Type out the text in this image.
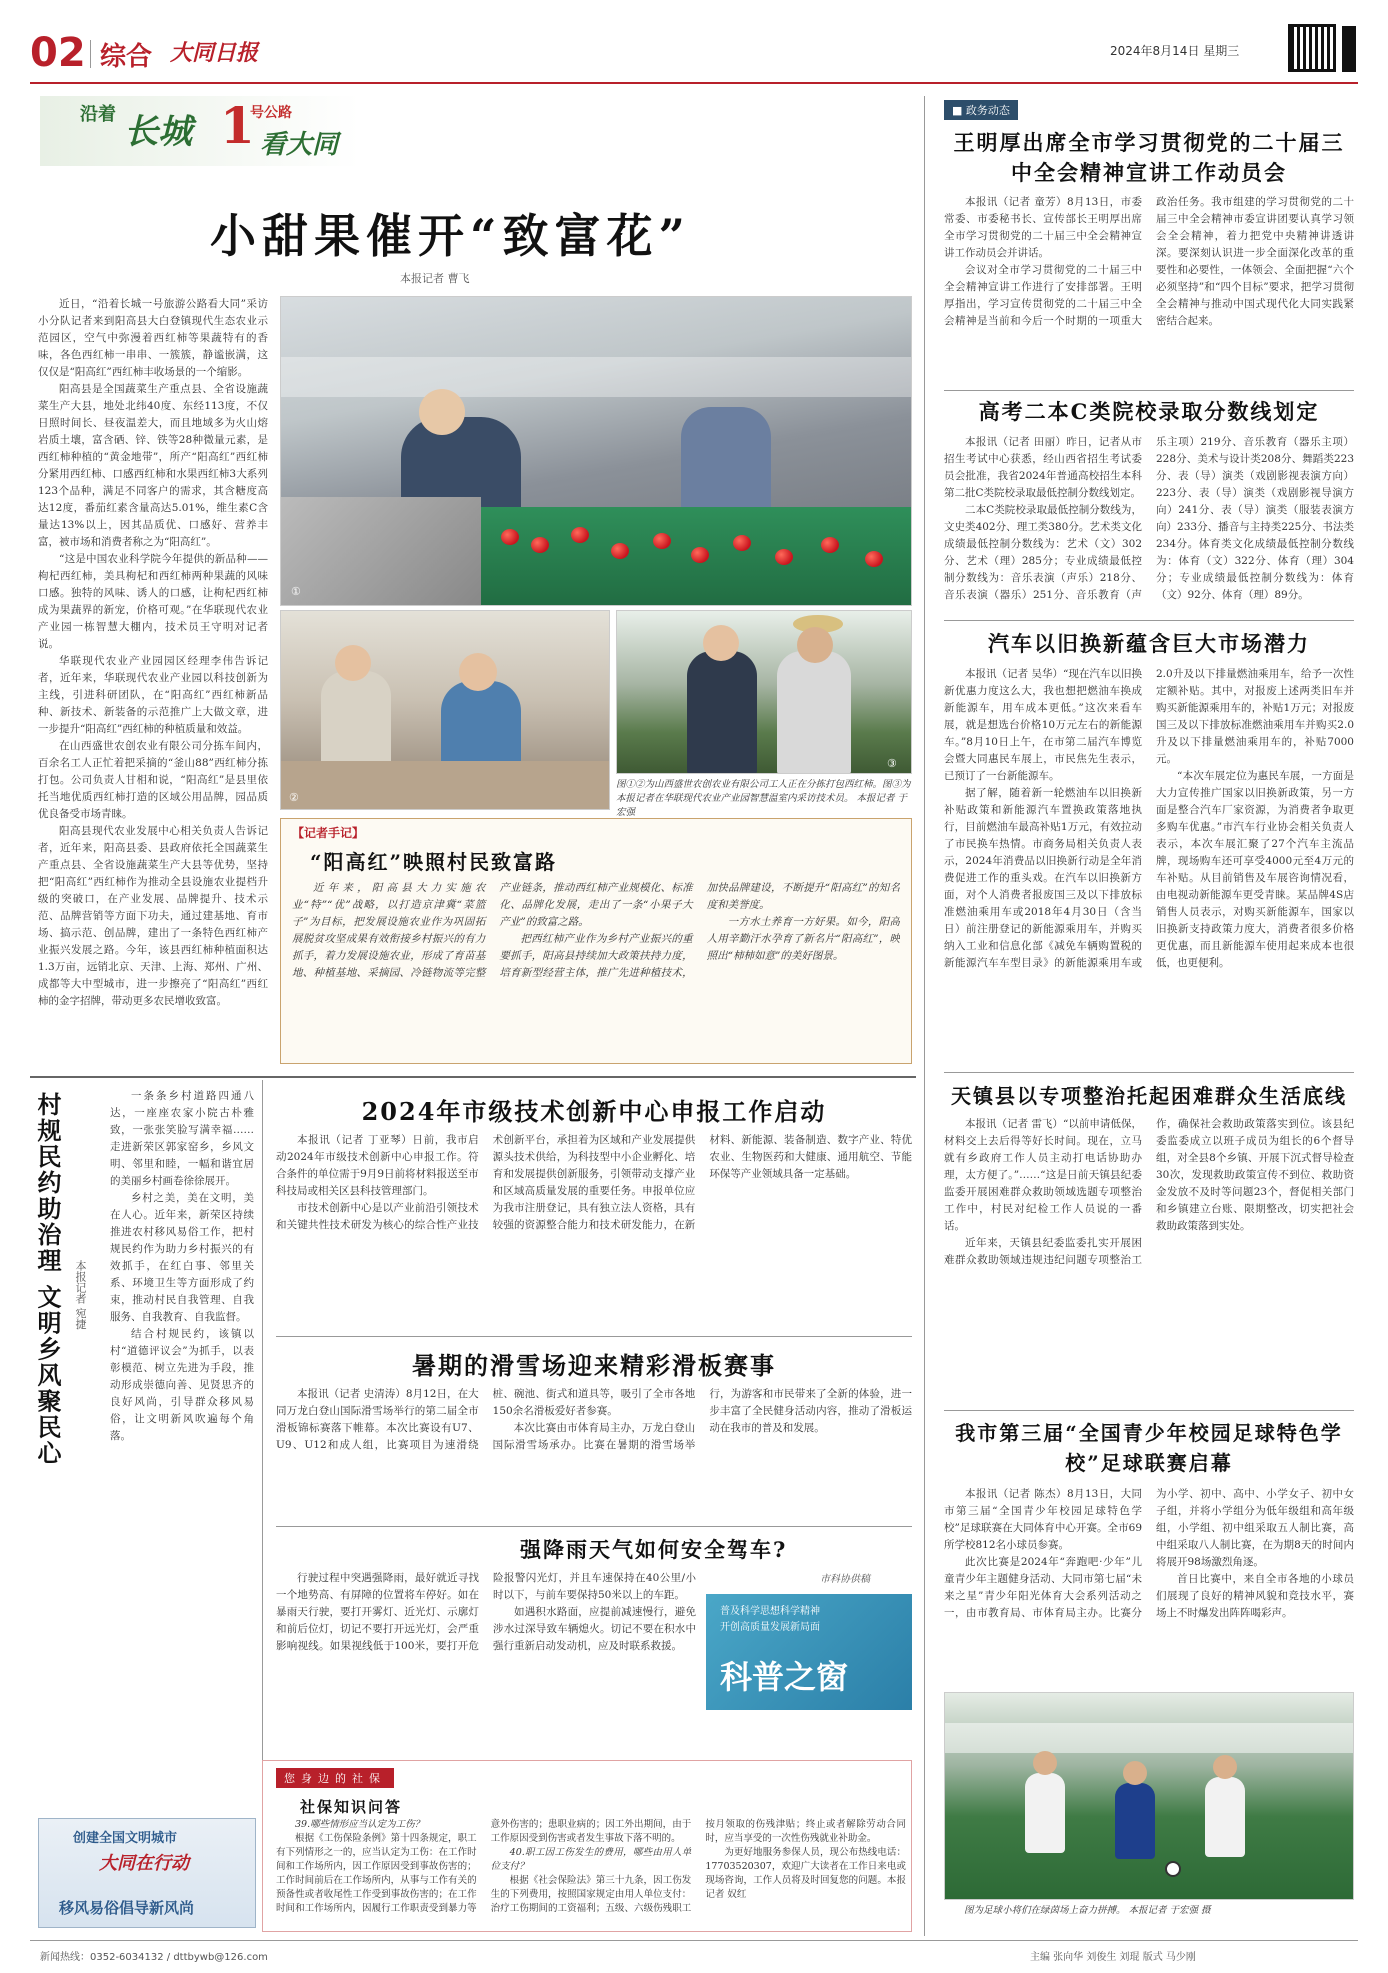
02 综合 大同日报	2024年8月14日 星期三
沿着 长城 1
号公路
看大同
小甜果催开“致富花”
本报记者 曹飞

近日，“沿着长城一号旅游公路看大同”采访小分队记者来到阳高县大白登镇现代生态农业示范园区，空气中弥漫着西红柿等果蔬特有的香味，各色西红柿一串串、一簇簇，静谧嵌满，这仅仅是“阳高红”西红柿丰收场景的一个缩影。

阳高县是全国蔬菜生产重点县、全省设施蔬菜生产大县，地处北纬40度、东经113度，不仅日照时间长、昼夜温差大，而且地域多为火山熔岩质土壤，富含硒、锌、铁等28种微量元素，是西红柿种植的“黄金地带”，所产“阳高红”西红柿分紧用西红柿、口感西红柿和水果西红柿3大系列123个品种，满足不同客户的需求，其含糖度高达12度，番茄红素含量高达5.01%，维生素C含量达13%以上，因其品质优、口感好、营养丰富，被市场和消费者称之为“阳高红”。

“这是中国农业科学院今年提供的新品种——枸杞西红柿，美具枸杞和西红柿两种果蔬的风味口感。独特的风味、诱人的口感，让枸杞西红柿成为果蔬界的新宠，价格可观。”在华联现代农业产业园一栋智慧大棚内，技术员王守明对记者说。

华联现代农业产业园园区经理李伟告诉记者，近年来，华联现代农业产业园以科技创新为主线，引进科研团队，在“阳高红”西红柿新品种、新技术、新装备的示范推广上大做文章，进一步提升“阳高红”西红柿的种植质量和效益。

在山西盛世农创农业有限公司分拣车间内，百余名工人正忙着把采摘的“釜山88”西红柿分拣打包。公司负责人甘相和说，“阳高红”是县里依托当地优质西红柿打造的区域公用品牌，园品质优良备受市场青睐。

阳高县现代农业发展中心相关负责人告诉记者，近年来，阳高县委、县政府依托全国蔬菜生产重点县、全省设施蔬菜生产大县等优势，坚持把“阳高红”西红柿作为推动全县设施农业提档升级的突破口，在产业发展、品牌提升、技术示范、品牌营销等方面下功夫，通过建基地、育市场、搞示范、创品牌，建出了一条特色西红柿产业振兴发展之路。今年，该县西红柿种植面积达1.3万亩，远销北京、天津、上海、郑州、广州、成都等大中型城市，进一步擦亮了“阳高红”西红柿的金字招牌，带动更多农民增收致富。

①
②
③
图①②为山西盛世农创农业有限公司工人正在分拣打包西红柿。图③为本报记者在华联现代农业产业园智慧温室内采访技术员。 本报记者 于宏强
【记者手记】
“阳高红”映照村民致富路

近年来，阳高县大力实施农业“特”“优”战略，以打造京津冀“菜篮子”为目标，把发展设施农业作为巩固拓展脱贫攻坚成果有效衔接乡村振兴的有力抓手，着力发展设施农业，形成了育苗基地、种植基地、采摘园、冷链物流等完整产业链条，推动西红柿产业规模化、标准化、品牌化发展，走出了一条“小果子大产业”的致富之路。

把西红柿产业作为乡村产业振兴的重要抓手，阳高县持续加大政策扶持力度，培育新型经营主体，推广先进种植技术，加快品牌建设，不断提升“阳高红”的知名度和美誉度。

一方水土养育一方好果。如今，阳高人用辛勤汗水孕育了新名片“阳高红”，映照出“柿柿如意”的美好图景。

■ 政务动态
王明厚出席全市学习贯彻党的二十届三中全会精神宣讲工作动员会

本报讯（记者 童芳）8月13日，市委常委、市委秘书长、宣传部长王明厚出席全市学习贯彻党的二十届三中全会精神宣讲工作动员会并讲话。

会议对全市学习贯彻党的二十届三中全会精神宣讲工作进行了安排部署。王明厚指出，学习宣传贯彻党的二十届三中全会精神是当前和今后一个时期的一项重大政治任务。我市组建的学习贯彻党的二十届三中全会精神市委宣讲团要认真学习领会全会精神，着力把党中央精神讲透讲深。要深刻认识进一步全面深化改革的重要性和必要性，一体领会、全面把握“六个必须坚持”和“四个目标”要求，把学习贯彻全会精神与推动中国式现代化大同实践紧密结合起来。

高考二本C类院校录取分数线划定

本报讯（记者 田丽）昨日，记者从市招生考试中心获悉，经山西省招生考试委员会批准，我省2024年普通高校招生本科第二批C类院校录取最低控制分数线划定。

二本C类院校录取最低控制分数线为，文史类402分、理工类380分。艺术类文化成绩最低控制分数线为：艺术（文）302分、艺术（理）285分；专业成绩最低控制分数线为：音乐表演（声乐）218分、音乐表演（器乐）251分、音乐教育（声乐主项）219分、音乐教育（器乐主项）228分、美术与设计类208分、舞蹈类223分、表（导）演类（戏剧影视表演方向）223分、表（导）演类（戏剧影视导演方向）241分、表（导）演类（服装表演方向）233分、播音与主持类225分、书法类234分。体育类文化成绩最低控制分数线为：体育（文）322分、体育（理）304分；专业成绩最低控制分数线为：体育（文）92分、体育（理）89分。

汽车以旧换新蕴含巨大市场潜力

本报讯（记者 吴华）“现在汽车以旧换新优惠力度这么大，我也想把燃油车换成新能源车，用车成本更低。”这次来看车展，就是想选台价格10万元左右的新能源车。”8月10日上午，在市第二届汽车博览会暨大同惠民车展上，市民焦先生表示，已预订了一台新能源车。

据了解，随着新一轮燃油车以旧换新补贴政策和新能源汽车置换政策落地执行，目前燃油车最高补贴1万元，有效拉动了市民换车热情。市商务局相关负责人表示，2024年消费品以旧换新行动是全年消费促进工作的重头戏。在汽车以旧换新方面，对个人消费者报废国三及以下排放标准燃油乘用车或2018年4月30日（含当日）前注册登记的新能源乘用车，并购买纳入工业和信息化部《减免车辆购置税的新能源汽车车型目录》的新能源乘用车或2.0升及以下排量燃油乘用车，给予一次性定额补贴。其中，对报废上述两类旧车并购买新能源乘用车的，补贴1万元；对报废国三及以下排放标准燃油乘用车并购买2.0升及以下排量燃油乘用车的，补贴7000元。

“本次车展定位为惠民车展，一方面是大力宣传推广国家以旧换新政策，另一方面是整合汽车厂家资源，为消费者争取更多购车优惠。”市汽车行业协会相关负责人表示，本次车展汇聚了27个汽车主流品牌，现场购车还可享受4000元至4万元的车补贴。从目前销售及车展咨询情况看，由电视动新能源车更受青睐。某品牌4S店销售人员表示，对购买新能源车，国家以旧换新支持政策力度大，消费者很多价格更优惠，而且新能源车使用起来成本也很低，也更便利。

天镇县以专项整治托起困难群众生活底线

本报讯（记者 雷飞）“以前申请低保，材料交上去后得等好长时间。现在，立马就有乡政府工作人员主动打电话协助办理，太方便了。”……“这是日前天镇县纪委监委开展困难群众救助领域选题专项整治工作中，村民对纪检工作人员说的一番话。

近年来，天镇县纪委监委扎实开展困难群众救助领域违规违纪问题专项整治工作，确保社会救助政策落实到位。该县纪委监委成立以班子成员为组长的6个督导组，对全县8个乡镇、开展下沉式督导检查30次，发现救助政策宣传不到位、救助资金发放不及时等问题23个，督促相关部门和乡镇建立台账、限期整改，切实把社会救助政策落到实处。

我市第三届“全国青少年校园足球特色学校”足球联赛启幕

本报讯（记者 陈杰）8月13日，大同市第三届“全国青少年校园足球特色学校”足球联赛在大同体育中心开赛。全市69所学校812名小球员参赛。

此次比赛是2024年“奔跑吧·少年”儿童青少年主题健身活动、大同市第七届“未来之星”青少年阳光体育大会系列活动之一，由市教育局、市体育局主办。比赛分为小学、初中、高中、小学女子、初中女子组，并将小学组分为低年级组和高年级组，小学组、初中组采取五人制比赛，高中组采取八人制比赛，在为期8天的时间内将展开98场激烈角逐。

首日比赛中，来自全市各地的小球员们展现了良好的精神风貌和竞技水平，赛场上不时爆发出阵阵喝彩声。

图为足球小将们在绿茵场上奋力拼搏。 本报记者 于宏强 摄
村规民约助治理 文明乡风聚民心 本报记者 宛捷

一条条乡村道路四通八达，一座座农家小院古朴雅致，一张张笑脸写满幸福……走进新荣区郭家窑乡，乡风文明、邻里和睦，一幅和谐宜居的美丽乡村画卷徐徐展开。

乡村之美，美在文明，美在人心。近年来，新荣区持续推进农村移风易俗工作，把村规民约作为助力乡村振兴的有效抓手，在红白事、邻里关系、环境卫生等方面形成了约束，推动村民自我管理、自我服务、自我教育、自我监督。

结合村规民约，该镇以村“道德评议会”为抓手，以表彰模范、树立先进为手段，推动形成崇德向善、见贤思齐的良好风尚，引导群众移风易俗，让文明新风吹遍每个角落。

创建全国文明城市
大同在行动
移风易俗倡导新风尚
2024年市级技术创新中心申报工作启动

本报讯（记者 丁亚琴）日前，我市启动2024年市级技术创新中心申报工作。符合条件的单位需于9月9日前将材料报送至市科技局或相关区县科技管理部门。

市技术创新中心是以产业前沿引领技术和关键共性技术研发为核心的综合性产业技术创新平台，承担着为区域和产业发展提供源头技术供给，为科技型中小企业孵化、培育和发展提供创新服务，引领带动支撑产业和区域高质量发展的重要任务。申报单位应为我市注册登记，具有独立法人资格，具有较强的资源整合能力和技术研发能力，在新材料、新能源、装备制造、数字产业、特优农业、生物医药和大健康、通用航空、节能环保等产业领域具备一定基础。

暑期的滑雪场迎来精彩滑板赛事

本报讯（记者 史清涛）8月12日，在大同万龙白登山国际滑雪场举行的第二届全市滑板锦标赛落下帷幕。本次比赛设有U7、U9、U12和成人组，比赛项目为速滑绕桩、碗池、街式和道具等，吸引了全市各地150余名滑板爱好者参赛。

本次比赛由市体育局主办，万龙白登山国际滑雪场承办。比赛在暑期的滑雪场举行，为游客和市民带来了全新的体验，进一步丰富了全民健身活动内容，推动了滑板运动在我市的普及和发展。

强降雨天气如何安全驾车?

行驶过程中突遇强降雨，最好就近寻找一个地势高、有屏障的位置将车停好。如在暴雨天行驶，要打开雾灯、近光灯、示廓灯和前后位灯，切记不要打开远光灯，会严重影响视线。如果视线低于100米，要打开危险报警闪光灯，并且车速保持在40公里/小时以下，与前车要保持50米以上的车距。

如遇积水路面，应提前减速慢行，避免涉水过深导致车辆熄火。切记不要在积水中强行重新启动发动机，应及时联系救援。

市科协供稿
普及科学思想科学精神
开创高质量发展新局面
科普之窗
您身边的社保
社保知识问答

39.哪些情形应当认定为工伤？

根据《工伤保险条例》第十四条规定，职工有下列情形之一的，应当认定为工伤：在工作时间和工作场所内，因工作原因受到事故伤害的；工作时间前后在工作场所内，从事与工作有关的预备性或者收尾性工作受到事故伤害的；在工作时间和工作场所内，因履行工作职责受到暴力等意外伤害的；患职业病的；因工外出期间，由于工作原因受到伤害或者发生事故下落不明的。

40.职工因工伤发生的费用，哪些由用人单位支付？

根据《社会保险法》第三十九条，因工伤发生的下列费用，按照国家规定由用人单位支付：治疗工伤期间的工资福利；五级、六级伤残职工按月领取的伤残津贴；终止或者解除劳动合同时，应当享受的一次性伤残就业补助金。

为更好地服务参保人员，现公布热线电话：17703520307，欢迎广大读者在工作日来电或现场咨询，工作人员将及时回复您的问题。本报记者 奴红

新闻热线：0352-6034132 / dttbywb@126.com	主编 张向华 刘俊生 刘琨 版式 马少刚
